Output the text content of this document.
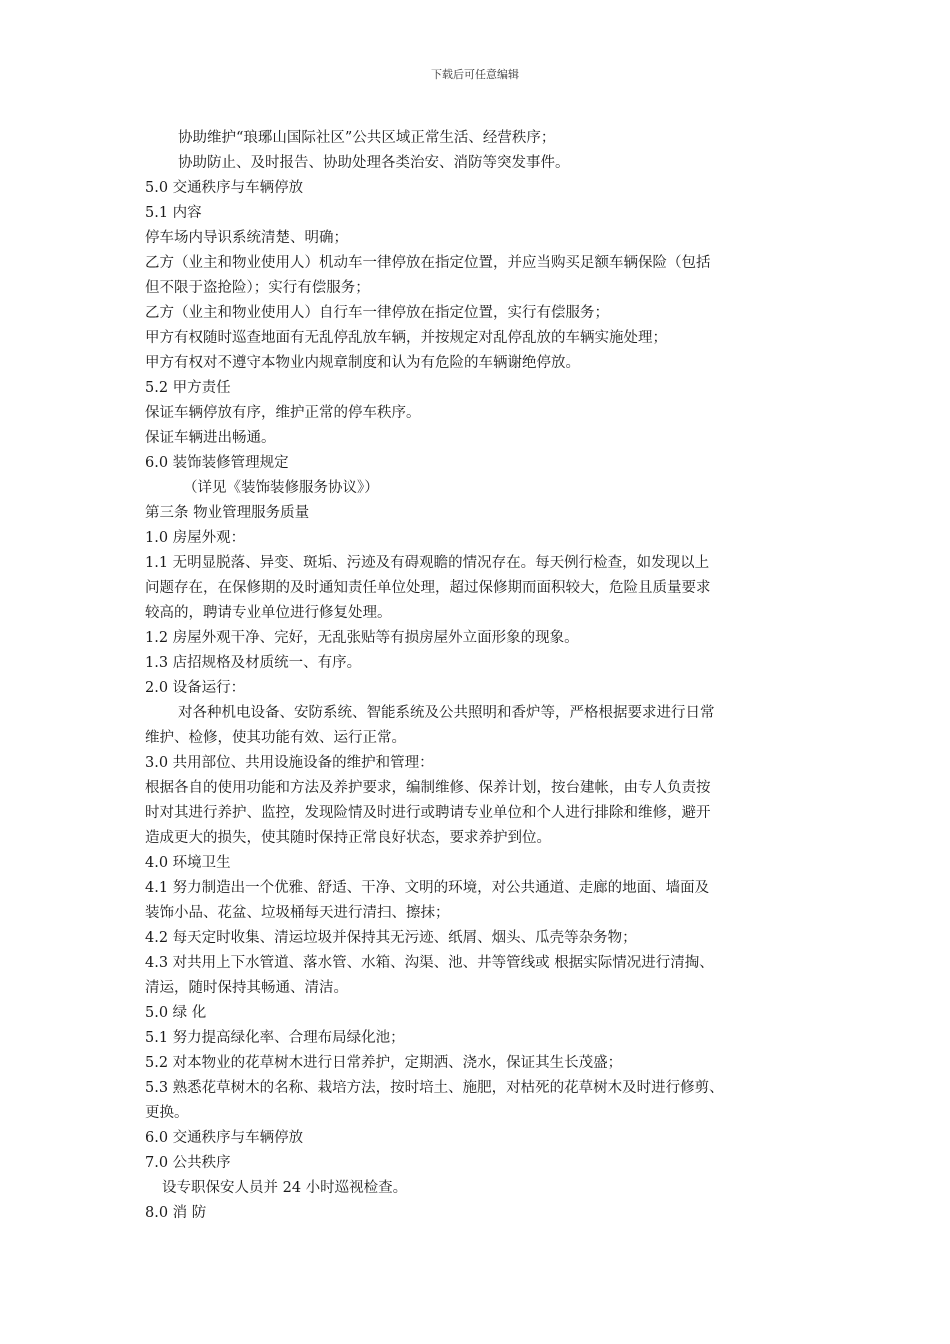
下载后可任意编辑

协助维护“琅琊山国际社区”公共区域正常生活、经营秩序；

协助防止、及时报告、协助处理各类治安、消防等突发事件。

5.0 交通秩序与车辆停放

5.1 内容

停车场内导识系统清楚、明确；

乙方（业主和物业使用人）机动车一律停放在指定位置，并应当购买足额车辆保险（包括

但不限于盗抢险）；实行有偿服务；

乙方（业主和物业使用人）自行车一律停放在指定位置，实行有偿服务；

甲方有权随时巡查地面有无乱停乱放车辆，并按规定对乱停乱放的车辆实施处理；

甲方有权对不遵守本物业内规章制度和认为有危险的车辆谢绝停放。

5.2 甲方责任

保证车辆停放有序，维护正常的停车秩序。

保证车辆进出畅通。

6.0 装饰装修管理规定

（详见《装饰装修服务协议》）

第三条 物业管理服务质量

1.0 房屋外观：

1.1 无明显脱落、异变、斑垢、污迹及有碍观瞻的情况存在。每天例行检查，如发现以上

问题存在，在保修期的及时通知责任单位处理，超过保修期而面积较大，危险且质量要求

较高的，聘请专业单位进行修复处理。

1.2 房屋外观干净、完好，无乱张贴等有损房屋外立面形象的现象。

1.3 店招规格及材质统一、有序。

2.0 设备运行：

对各种机电设备、安防系统、智能系统及公共照明和香炉等，严格根据要求进行日常

维护、检修，使其功能有效、运行正常。

3.0 共用部位、共用设施设备的维护和管理：

根据各自的使用功能和方法及养护要求，编制维修、保养计划，按台建帐，由专人负责按

时对其进行养护、监控，发现险情及时进行或聘请专业单位和个人进行排除和维修，避开

造成更大的损失，使其随时保持正常良好状态，要求养护到位。

4.0 环境卫生

4.1 努力制造出一个优雅、舒适、干净、文明的环境，对公共通道、走廊的地面、墙面及

装饰小品、花盆、垃圾桶每天进行清扫、擦抹；

4.2 每天定时收集、清运垃圾并保持其无污迹、纸屑、烟头、瓜壳等杂务物；

4.3 对共用上下水管道、落水管、水箱、沟渠、池、井等管线或 根据实际情况进行清掏、

清运，随时保持其畅通、清洁。

5.0 绿 化

5.1 努力提高绿化率、合理布局绿化池；

5.2 对本物业的花草树木进行日常养护，定期洒、浇水，保证其生长茂盛；

5.3 熟悉花草树木的名称、栽培方法，按时培土、施肥，对枯死的花草树木及时进行修剪、

更换。

6.0 交通秩序与车辆停放

7.0 公共秩序

设专职保安人员并 24 小时巡视检查。

8.0 消 防
